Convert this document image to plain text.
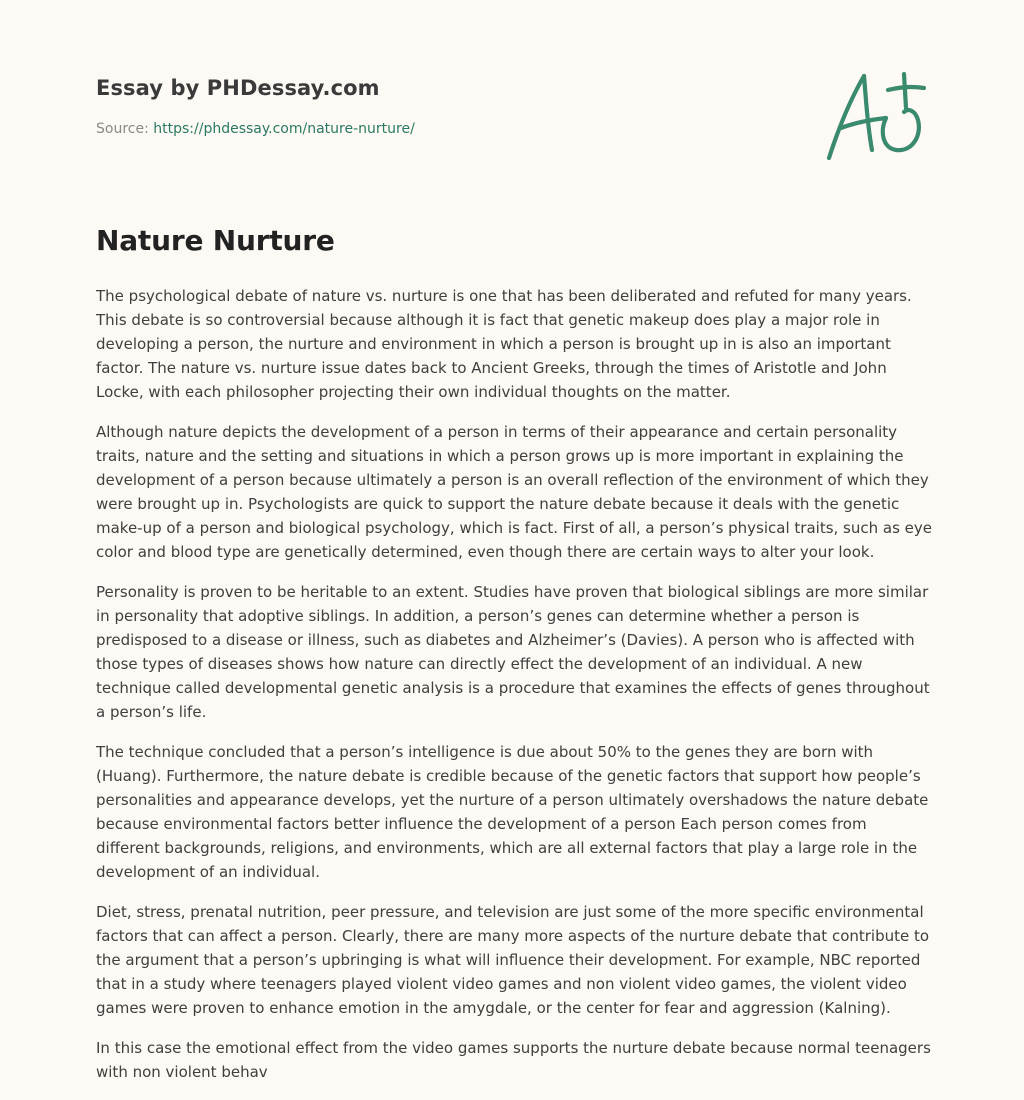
Essay by PHDessay.com
Source: https://phdessay.com/nature-nurture/
Nature Nurture

The psychological debate of nature vs. nurture is one that has been deliberated and refuted for many years. This debate is so controversial because although it is fact that genetic makeup does play a major role in developing a person, the nurture and environment in which a person is brought up in is also an important factor. The nature vs. nurture issue dates back to Ancient Greeks, through the times of Aristotle and John Locke, with each philosopher projecting their own individual thoughts on the matter.

Although nature depicts the development of a person in terms of their appearance and certain personality traits, nature and the setting and situations in which a person grows up is more important in explaining the development of a person because ultimately a person is an overall reflection of the environment of which they were brought up in. Psychologists are quick to support the nature debate because it deals with the genetic make-up of a person and biological psychology, which is fact. First of all, a person’s physical traits, such as eye color and blood type are genetically determined, even though there are certain ways to alter your look.

Personality is proven to be heritable to an extent. Studies have proven that biological siblings are more similar in personality that adoptive siblings. In addition, a person’s genes can determine whether a person is predisposed to a disease or illness, such as diabetes and Alzheimer’s (Davies). A person who is affected with those types of diseases shows how nature can directly effect the development of an individual. A new technique called developmental genetic analysis is a procedure that examines the effects of genes throughout a person’s life.

The technique concluded that a person’s intelligence is due about 50% to the genes they are born with (Huang). Furthermore, the nature debate is credible because of the genetic factors that support how people’s personalities and appearance develops, yet the nurture of a person ultimately overshadows the nature debate because environmental factors better influence the development of a person Each person comes from different backgrounds, religions, and environments, which are all external factors that play a large role in the development of an individual.

Diet, stress, prenatal nutrition, peer pressure, and television are just some of the more specific environmental factors that can affect a person. Clearly, there are many more aspects of the nurture debate that contribute to the argument that a person’s upbringing is what will influence their development. For example, NBC reported that in a study where teenagers played violent video games and non violent video games, the violent video games were proven to enhance emotion in the amygdale, or the center for fear and aggression (Kalning).

In this case the emotional effect from the video games supports the nurture debate because normal teenagers with non violent behav
